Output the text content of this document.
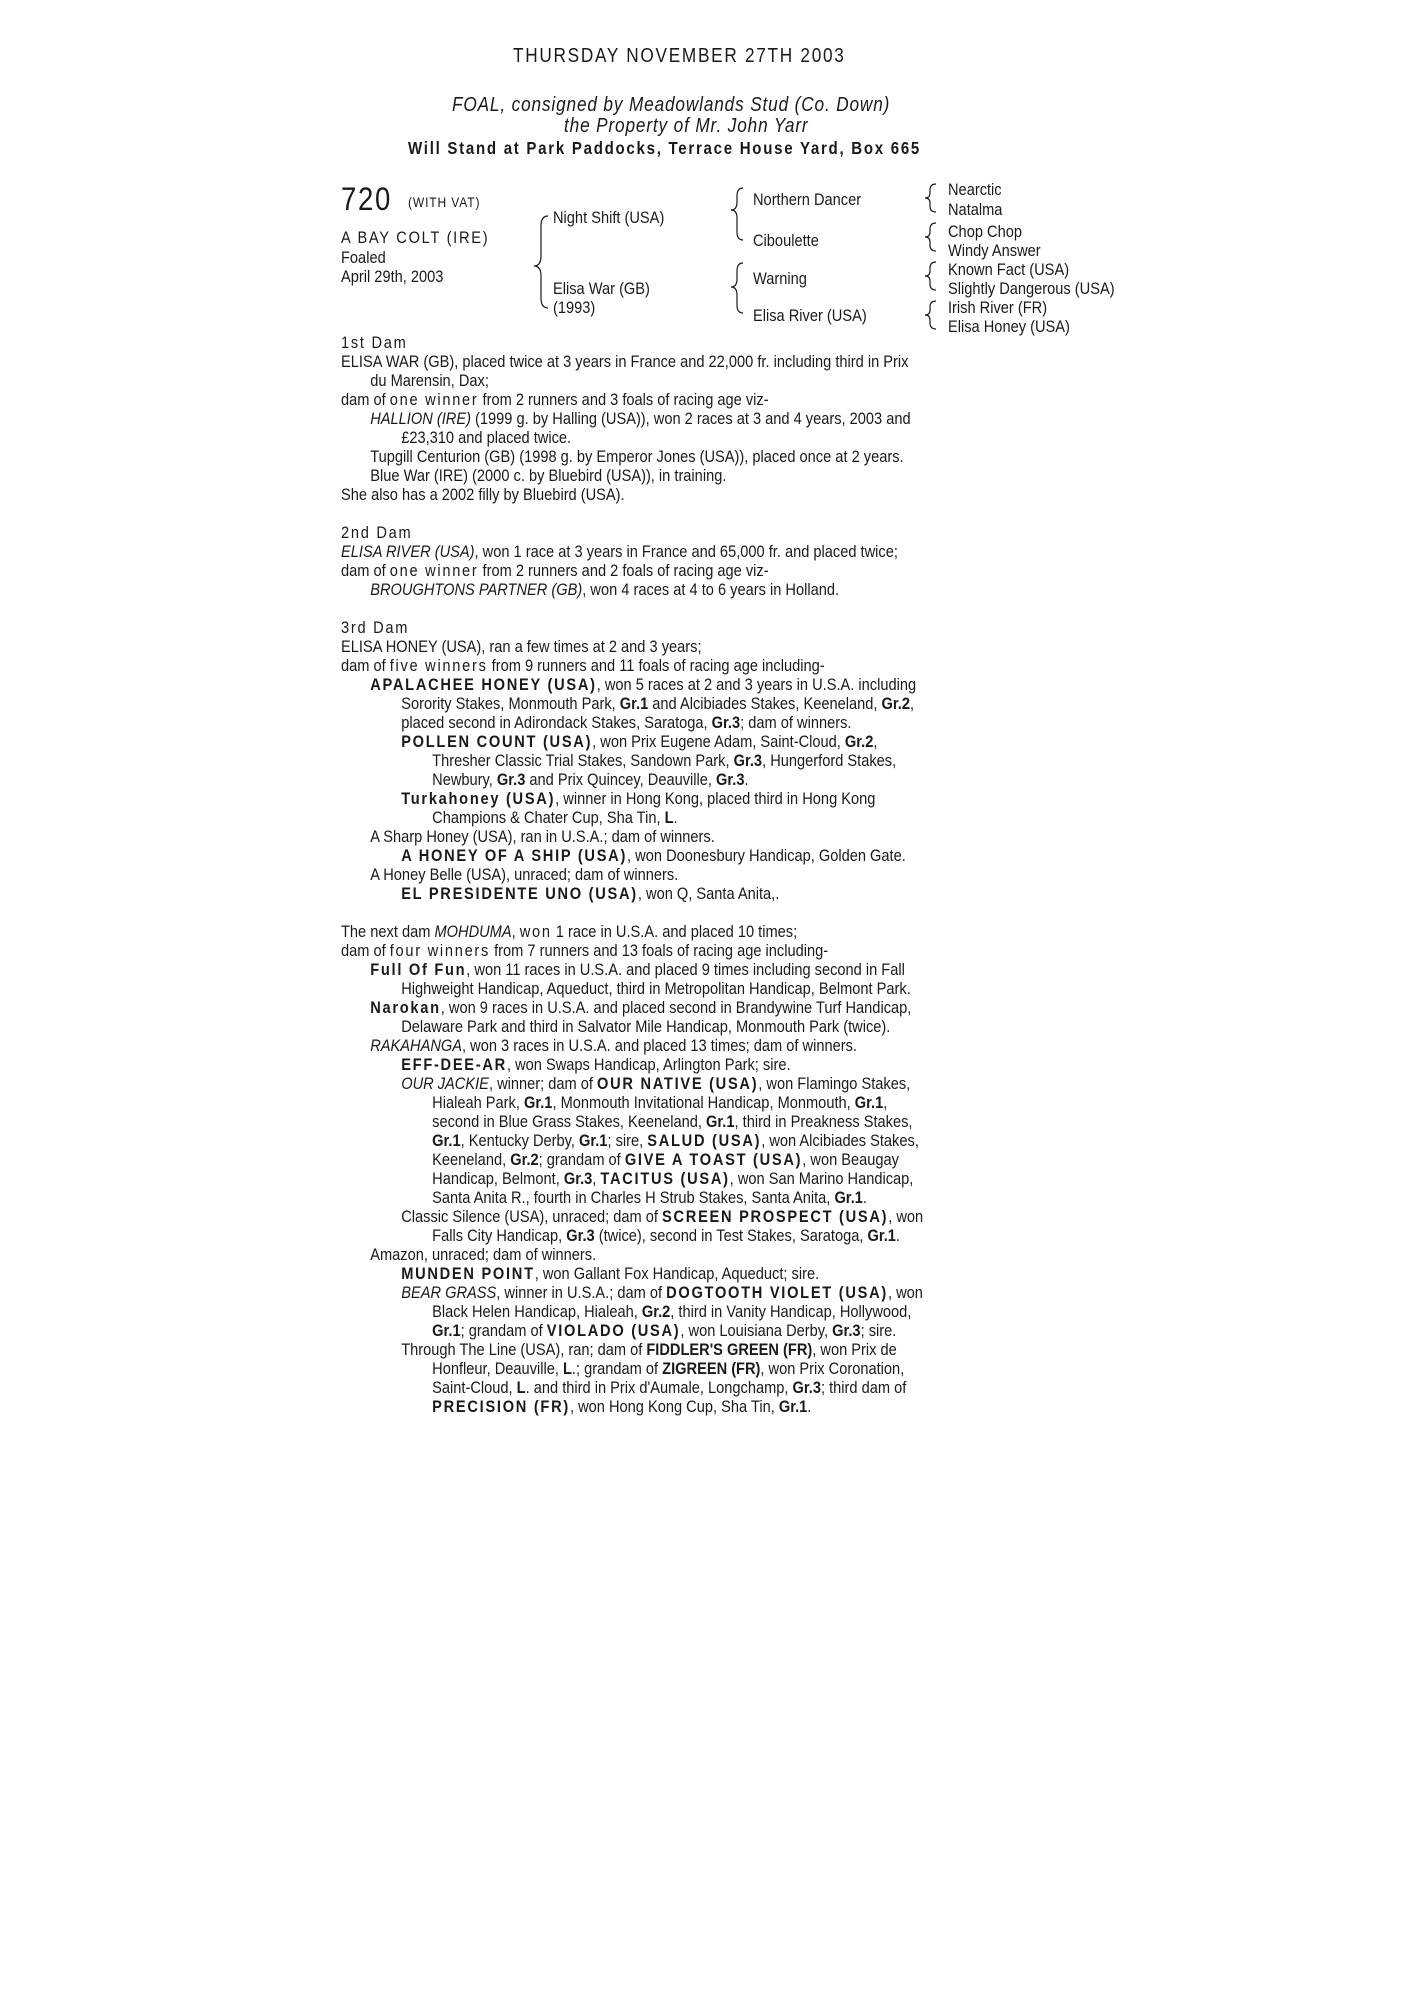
THURSDAY NOVEMBER 27TH 2003
FOAL, consigned by Meadowlands Stud (Co. Down)
the Property of Mr. John Yarr
Will Stand at Park Paddocks, Terrace House Yard, Box 665
720	(WITH VAT)
A BAY COLT (IRE)
Foaled
April 29th, 2003
Night Shift (USA)
Elisa War (GB)
(1993)
Northern Dancer
Ciboulette
Warning
Elisa River (USA)
Nearctic
Natalma
Chop Chop
Windy Answer
Known Fact (USA)
Slightly Dangerous (USA)
Irish River (FR)
Elisa Honey (USA)
1st Dam
ELISA WAR (GB), placed twice at 3 years in France and 22,000 fr. including third in Prix
du Marensin, Dax;
dam of one winner from 2 runners and 3 foals of racing age viz-
HALLION (IRE) (1999 g. by Halling (USA)), won 2 races at 3 and 4 years, 2003 and
£23,310 and placed twice.
Tupgill Centurion (GB) (1998 g. by Emperor Jones (USA)), placed once at 2 years.
Blue War (IRE) (2000 c. by Bluebird (USA)), in training.
She also has a 2002 filly by Bluebird (USA).
2nd Dam
ELISA RIVER (USA), won 1 race at 3 years in France and 65,000 fr. and placed twice;
dam of one winner from 2 runners and 2 foals of racing age viz-
BROUGHTONS PARTNER (GB), won 4 races at 4 to 6 years in Holland.
3rd Dam
ELISA HONEY (USA), ran a few times at 2 and 3 years;
dam of five winners from 9 runners and 11 foals of racing age including-
APALACHEE HONEY (USA), won 5 races at 2 and 3 years in U.S.A. including
Sorority Stakes, Monmouth Park, Gr.1 and Alcibiades Stakes, Keeneland, Gr.2,
placed second in Adirondack Stakes, Saratoga, Gr.3; dam of winners.
POLLEN COUNT (USA), won Prix Eugene Adam, Saint-Cloud, Gr.2,
Thresher Classic Trial Stakes, Sandown Park, Gr.3, Hungerford Stakes,
Newbury, Gr.3 and Prix Quincey, Deauville, Gr.3.
Turkahoney (USA), winner in Hong Kong, placed third in Hong Kong
Champions & Chater Cup, Sha Tin, L.
A Sharp Honey (USA), ran in U.S.A.; dam of winners.
A HONEY OF A SHIP (USA), won Doonesbury Handicap, Golden Gate.
A Honey Belle (USA), unraced; dam of winners.
EL PRESIDENTE UNO (USA), won Q, Santa Anita,.
The next dam MOHDUMA, won 1 race in U.S.A. and placed 10 times;
dam of four winners from 7 runners and 13 foals of racing age including-
Full Of Fun, won 11 races in U.S.A. and placed 9 times including second in Fall
Highweight Handicap, Aqueduct, third in Metropolitan Handicap, Belmont Park.
Narokan, won 9 races in U.S.A. and placed second in Brandywine Turf Handicap,
Delaware Park and third in Salvator Mile Handicap, Monmouth Park (twice).
RAKAHANGA, won 3 races in U.S.A. and placed 13 times; dam of winners.
EFF-DEE-AR, won Swaps Handicap, Arlington Park; sire.
OUR JACKIE, winner; dam of OUR NATIVE (USA), won Flamingo Stakes,
Hialeah Park, Gr.1, Monmouth Invitational Handicap, Monmouth, Gr.1,
second in Blue Grass Stakes, Keeneland, Gr.1, third in Preakness Stakes,
Gr.1, Kentucky Derby, Gr.1; sire, SALUD (USA), won Alcibiades Stakes,
Keeneland, Gr.2; grandam of GIVE A TOAST (USA), won Beaugay
Handicap, Belmont, Gr.3, TACITUS (USA), won San Marino Handicap,
Santa Anita R., fourth in Charles H Strub Stakes, Santa Anita, Gr.1.
Classic Silence (USA), unraced; dam of SCREEN PROSPECT (USA), won
Falls City Handicap, Gr.3 (twice), second in Test Stakes, Saratoga, Gr.1.
Amazon, unraced; dam of winners.
MUNDEN POINT, won Gallant Fox Handicap, Aqueduct; sire.
BEAR GRASS, winner in U.S.A.; dam of DOGTOOTH VIOLET (USA), won
Black Helen Handicap, Hialeah, Gr.2, third in Vanity Handicap, Hollywood,
Gr.1; grandam of VIOLADO (USA), won Louisiana Derby, Gr.3; sire.
Through The Line (USA), ran; dam of FIDDLER'S GREEN (FR), won Prix de
Honfleur, Deauville, L.; grandam of ZIGREEN (FR), won Prix Coronation,
Saint-Cloud, L. and third in Prix d'Aumale, Longchamp, Gr.3; third dam of
PRECISION (FR), won Hong Kong Cup, Sha Tin, Gr.1.
